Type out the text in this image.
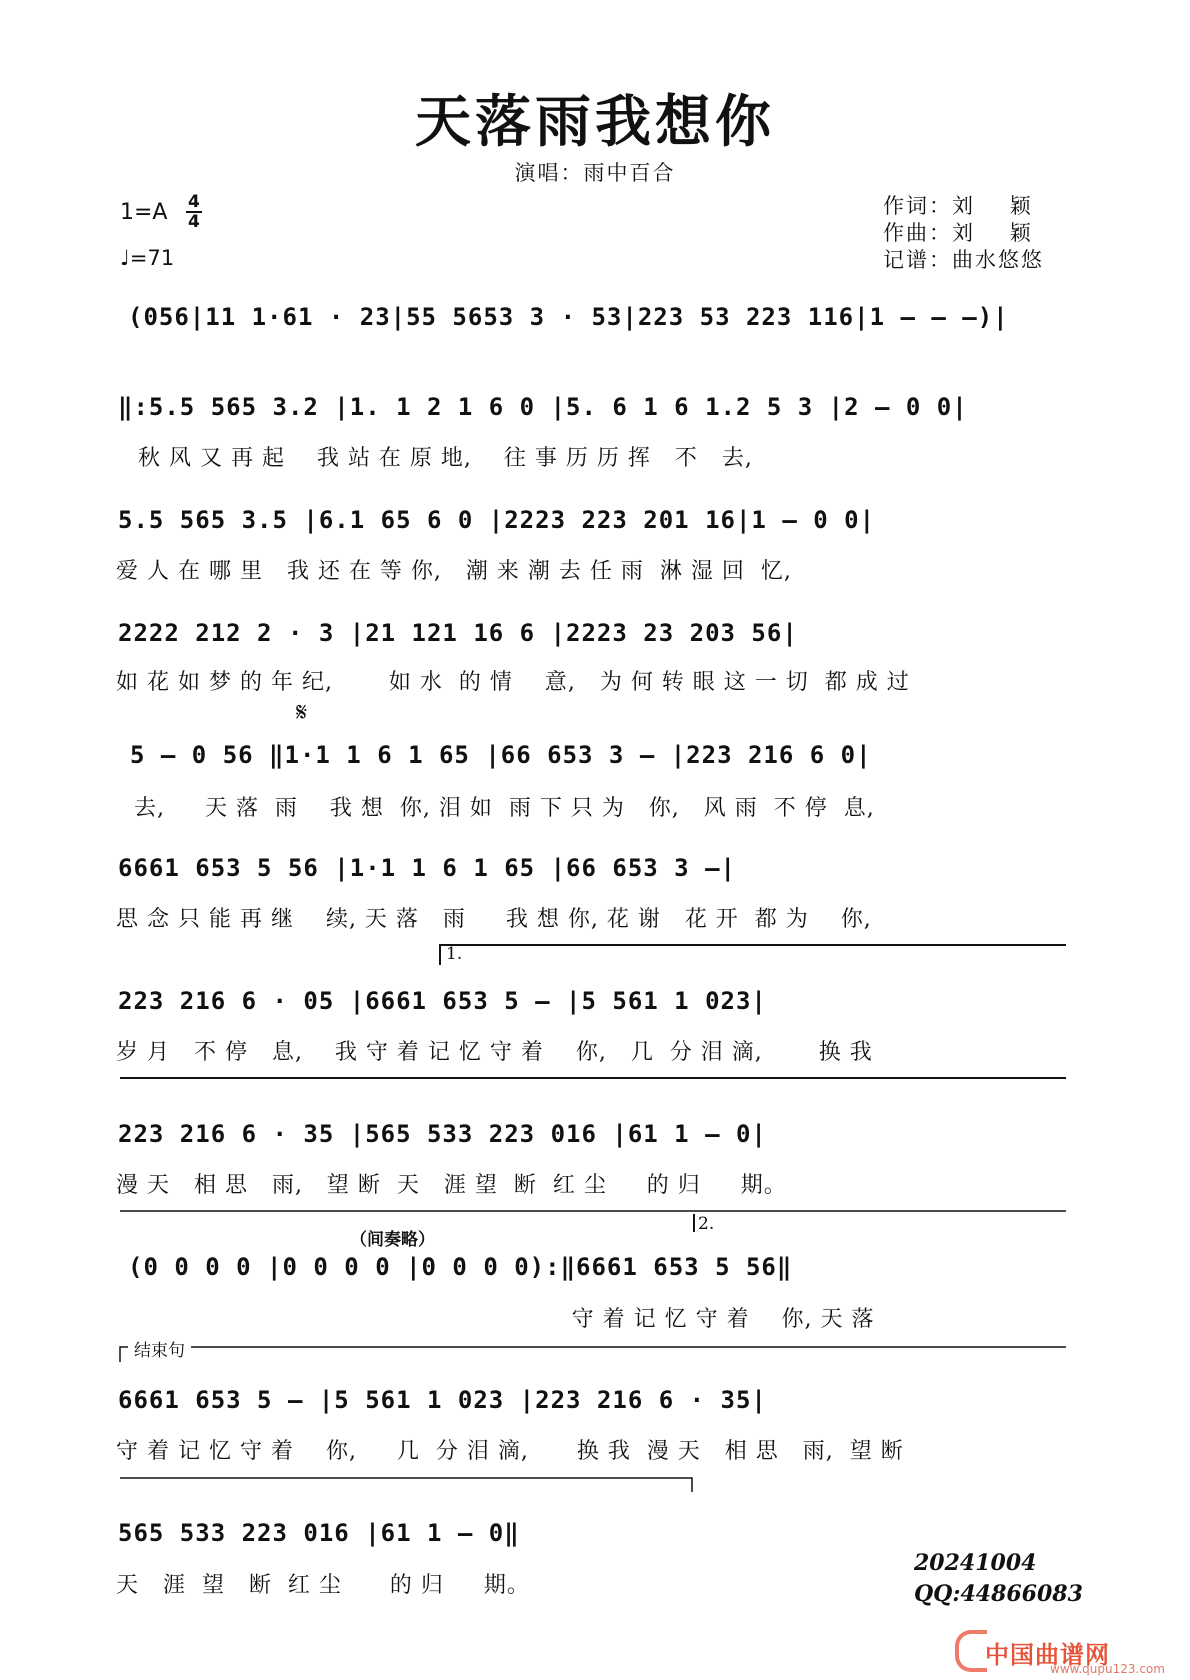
天落雨我想你
演唱：雨中百合
$1=A \frac{4}{4}$
♩=71
作词：刘    颖
作曲：刘    颖
记谱：曲水悠悠
1.
2.
（间奏略）
结束句
𝄋
(056|11 1·61 · 23|55 5653 3 · 53|223 53 223 116|1 – – –)|
‖:5.5 565 3.2 |1. 1 2 1 6 0 |5. 6 1 6 1.2 5 3 |2 – 0 0|
秋 风 又 再 起    我 站 在 原 地,    往 事 历 历 挥   不   去,
5.5 565 3.5 |6.1 65 6 0 |2223 223 201 16|1 – 0 0|
爱 人 在 哪 里   我 还 在 等 你,   潮 来 潮 去 任 雨  淋 湿 回  忆,
2222 212 2 · 3 |21 121 16 6 |2223 23 203 56|
如 花 如 梦 的 年 纪,       如 水  的 情    意,   为 何 转 眼 这 一 切  都 成 过
5 – 0 56 ‖1·1 1 6 1 65 |66 653 3 – |223 216 6 0|
去,     天 落  雨    我 想  你, 泪 如  雨 下 只 为   你,   风 雨  不 停  息,
6661 653 5 56 |1·1 1 6 1 65 |66 653 3 –|
思 念 只 能 再 继    续, 天 落   雨     我 想 你, 花 谢   花 开  都 为    你,
223 216 6 · 05 |6661 653 5 – |5 561 1 023|
岁 月   不 停   息,    我 守 着 记 忆 守 着    你,   几  分 泪 滴,       换 我
223 216 6 · 35 |565 533 223 016 |61 1 – 0|
漫 天   相 思   雨,   望 断  天   涯 望  断  红 尘     的 归     期。
(0 0 0 0 |0 0 0 0 |0 0 0 0):‖6661 653 5 56‖
守 着 记 忆 守 着    你, 天 落
6661 653 5 – |5 561 1 023 |223 216 6 · 35|
守 着 记 忆 守 着    你,     几  分 泪 滴,      换 我  漫 天   相 思   雨,  望 断
565 533 223 016 |61 1 – 0‖
天   涯  望   断  红 尘      的 归     期。
20241004
QQ:44866083
中国曲谱网
www.qupu123.com
